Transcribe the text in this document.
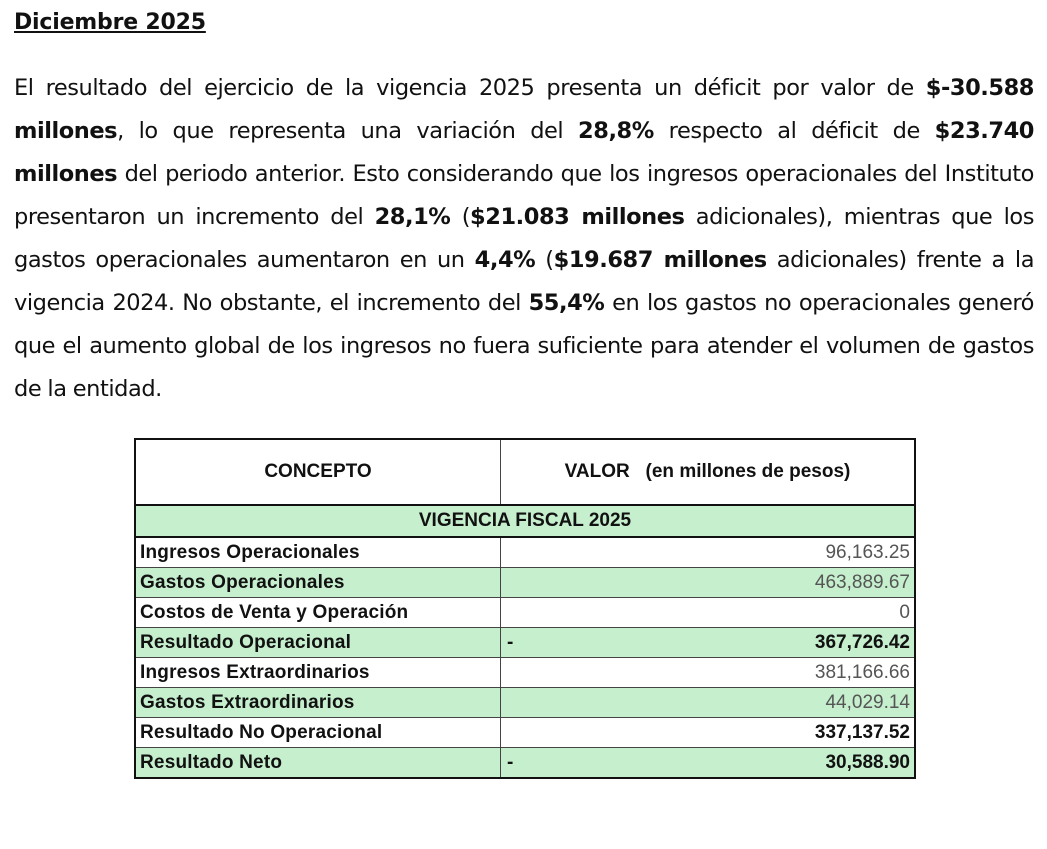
Diciembre 2025

El resultado del ejercicio de la vigencia 2025 presenta un déficit por valor de $-30.588 millones, lo que representa una variación del 28,8% respecto al déficit de $23.740 millones del periodo anterior. Esto considerando que los ingresos operacionales del Instituto presentaron un incremento del 28,1% ($21.083 millones adicionales), mientras que los gastos operacionales aumentaron en un 4,4% ($19.687 millones adicionales) frente a la vigencia 2024. No obstante, el incremento del 55,4% en los gastos no operacionales generó que el aumento global de los ingresos no fuera suficiente para atender el volumen de gastos de la entidad.

CONCEPTO	VALOR   (en millones de pesos)
VIGENCIA FISCAL 2025	
Ingresos Operacionales	96,163.25
Gastos Operacionales	463,889.67
Costos de Venta y Operación	0
Resultado Operacional	- 367,726.42
Ingresos Extraordinarios	381,166.66
Gastos Extraordinarios	44,029.14
Resultado No Operacional	337,137.52
Resultado Neto	- 30,588.90
